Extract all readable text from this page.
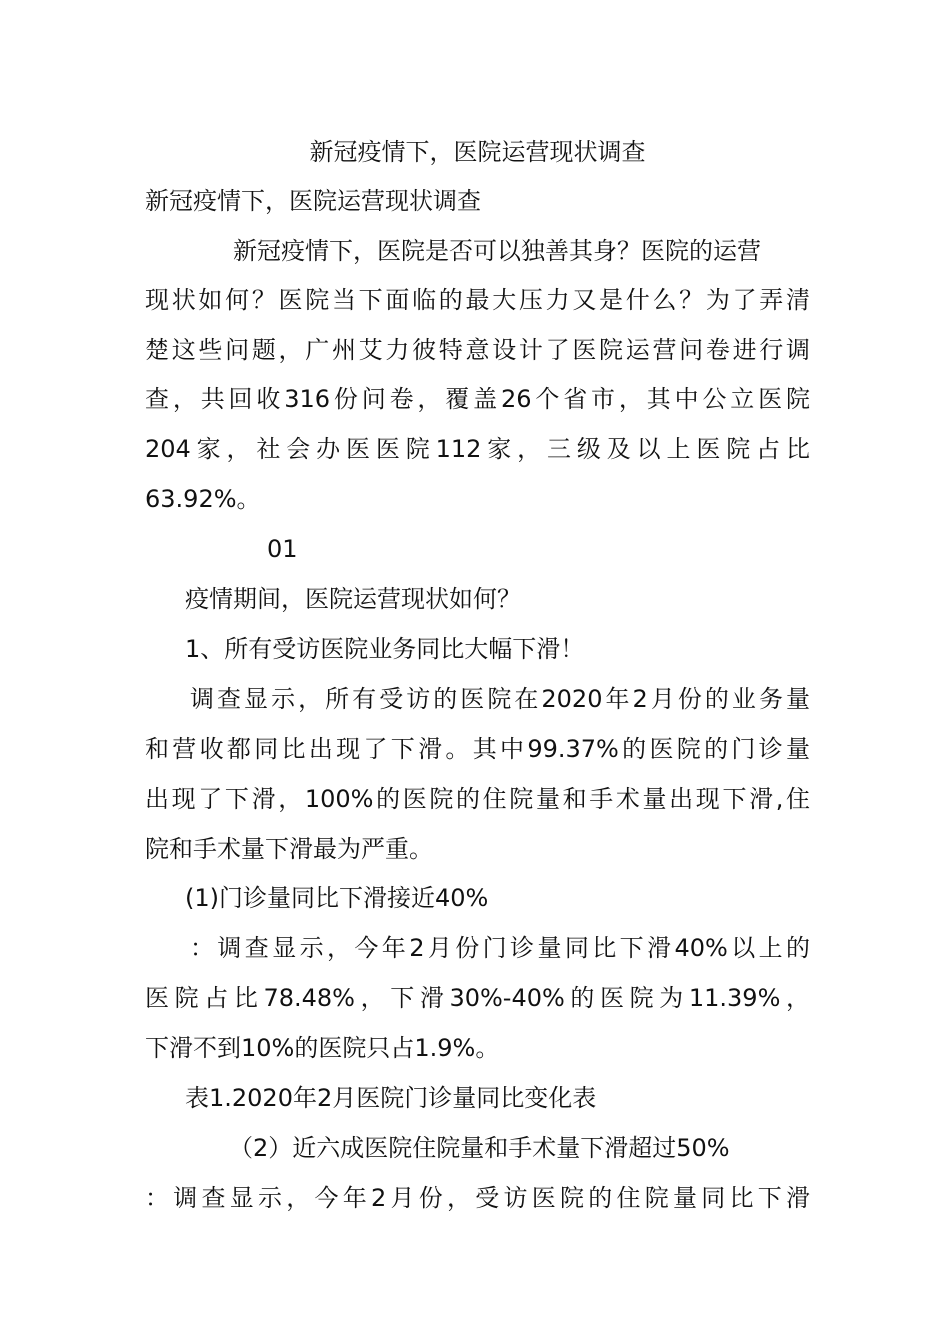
新冠疫情下，医院运营现状调查
新冠疫情下，医院运营现状调查
新冠疫情下，医院是否可以独善其身？医院的运营
现状如何？医院当下面临的最大压力又是什么？为了弄清
楚这些问题，广州艾力彼特意设计了医院运营问卷进行调
查，共回收316份问卷，覆盖26个省市，其中公立医院
204家，社会办医医院112家，三级及以上医院占比
63.92%。
01
疫情期间，医院运营现状如何？
1、所有受访医院业务同比大幅下滑！
调查显示，所有受访的医院在2020年2月份的业务量
和营收都同比出现了下滑。其中99.37%的医院的门诊量
出现了下滑，100%的医院的住院量和手术量出现下滑,住
院和手术量下滑最为严重。
(1)门诊量同比下滑接近40%
：调查显示，今年2月份门诊量同比下滑40%以上的
医院占比78.48%，下滑30%-40%的医院为11.39%，
下滑不到10%的医院只占1.9%。
表1.2020年2月医院门诊量同比变化表
（2）近六成医院住院量和手术量下滑超过50%
：调查显示，今年2月份，受访医院的住院量同比下滑
